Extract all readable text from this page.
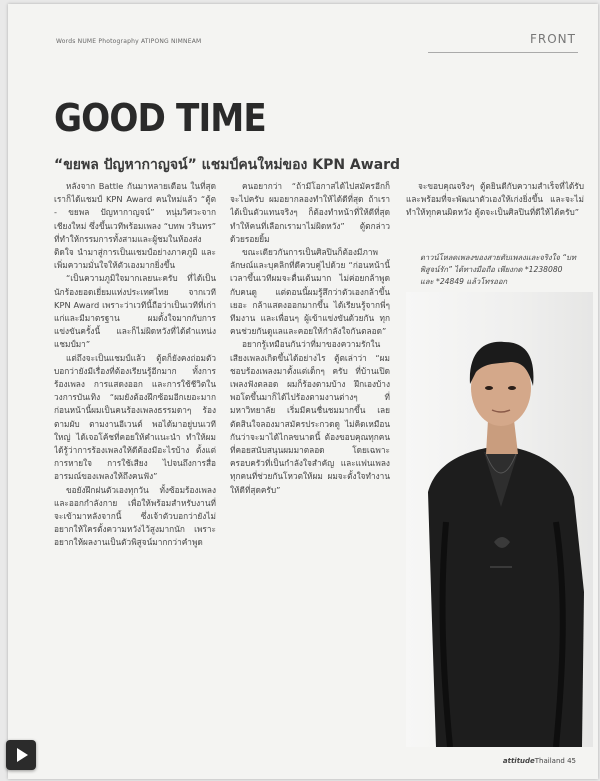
Words NUME Photography ATIPONG NIMNEAM	FRONT
GOOD TIME
“ขยพล ปัญหากาญจน์” แชมป์คนใหม่ของ KPN Award

หลังจาก Battle กันมาหลายเดือน ในที่สุดเราก็ได้แชมป์ KPN Award คนใหม่แล้ว “ตู้ต - ขยพล ปัญหากาญจน์” หนุ่มวิศวะจากเชียงใหม่ ซึ่งขึ้นเวทีพร้อมเพลง “บทพ วรินทร” ที่ทำให้กรรมการทั้งสามและผู้ชมในห้องส่งติดใจ นำมาสู่การเป็นแชมป์อย่างภาคภูมิ และเพิ่มความมั่นใจให้ตัวเองมากยิ่งขึ้น

“เป็นความภูมิใจมากเลยนะครับ ที่ได้เป็นนักร้องยอดเยี่ยมแห่งประเทศไทย จากเวที KPN Award เพราะว่าเวทีนี้ถือว่าเป็นเวทีที่เก่าแก่และมีมาตรฐาน ผมตั้งใจมากกับการแข่งขันครั้งนี้ และก็ไม่ผิดหวังที่ได้ตำแหน่งแชมป์มา”

แต่ถึงจะเป็นแชมป์แล้ว ตู้ตก็ยังคงถ่อมตัว บอกว่ายังมีเรื่องที่ต้องเรียนรู้อีกมาก ทั้งการร้องเพลง การแสดงออก และการใช้ชีวิตในวงการบันเทิง “ผมยังต้องฝึกซ้อมอีกเยอะมาก ก่อนหน้านี้ผมเป็นคนร้องเพลงธรรมดาๆ ร้องตามผับ ตามงานอีเวนต์ พอได้มาอยู่บนเวทีใหญ่ ได้เจอโค้ชที่คอยให้คำแนะนำ ทำให้ผมได้รู้ว่าการร้องเพลงให้ดีต้องมีอะไรบ้าง ตั้งแต่การหายใจ การใช้เสียง ไปจนถึงการสื่ออารมณ์ของเพลงให้ถึงคนฟัง”

ขอยังฝึกฝนตัวเองทุกวัน ทั้งซ้อมร้องเพลงและออกกำลังกาย เพื่อให้พร้อมสำหรับงานที่จะเข้ามาหลังจากนี้ ซึ่งเจ้าตัวบอกว่ายังไม่อยากให้ใครตั้งความหวังไว้สูงมากนัก เพราะอยากให้ผลงานเป็นตัวพิสูจน์มากกว่าคำพูด

คนอยากว่า “ถ้ามีโอกาสได้ไปสมัครอีกก็จะไปครับ ผมอยากลองทำให้ได้ดีที่สุด ถ้าเราได้เป็นตัวแทนจริงๆ ก็ต้องทำหน้าที่ให้ดีที่สุด ทำให้คนที่เลือกเรามาไม่ผิดหวัง” ตู้ตกล่าวด้วยรอยยิ้ม

ขณะเดียวกันการเป็นศิลปินก็ต้องมีภาพลักษณ์และบุคลิกที่ดีควบคู่ไปด้วย “ก่อนหน้านี้เวลาขึ้นเวทีผมจะตื่นเต้นมาก ไม่ค่อยกล้าพูดกับคนดู แต่ตอนนี้ผมรู้สึกว่าตัวเองกล้าขึ้นเยอะ กล้าแสดงออกมากขึ้น ได้เรียนรู้จากพี่ๆ ทีมงาน และเพื่อนๆ ผู้เข้าแข่งขันด้วยกัน ทุกคนช่วยกันดูแลและคอยให้กำลังใจกันตลอด”

อยากรู้เหมือนกันว่าที่มาของความรักในเสียงเพลงเกิดขึ้นได้อย่างไร ตู้ตเล่าว่า “ผมชอบร้องเพลงมาตั้งแต่เด็กๆ ครับ ที่บ้านเปิดเพลงฟังตลอด ผมก็ร้องตามบ้าง ฝึกเองบ้าง พอโตขึ้นมาก็ได้ไปร้องตามงานต่างๆ ที่มหาวิทยาลัย เริ่มมีคนชื่นชมมากขึ้น เลยตัดสินใจลองมาสมัครประกวดดู ไม่คิดเหมือนกันว่าจะมาได้ไกลขนาดนี้ ต้องขอบคุณทุกคนที่คอยสนับสนุนผมมาตลอด โดยเฉพาะครอบครัวที่เป็นกำลังใจสำคัญ และแฟนเพลงทุกคนที่ช่วยกันโหวตให้ผม ผมจะตั้งใจทำงานให้ดีที่สุดครับ”

จะขอบคุณจริงๆ ตู้ตยินดีกับความสำเร็จที่ได้รับ และพร้อมที่จะพัฒนาตัวเองให้เก่งยิ่งขึ้น และจะไม่ทำให้ทุกคนผิดหวัง ตู้ตจะเป็นศิลปินที่ดีให้ได้ครับ”

ดาวน์โหลดเพลงของสายตับเพลงและจริงใจ “บทพิสูจน์รัก” ได้ทางมือถือ เพียงกด *1238080 และ *24849 แล้วโทรออก
attitudeThailand 45
